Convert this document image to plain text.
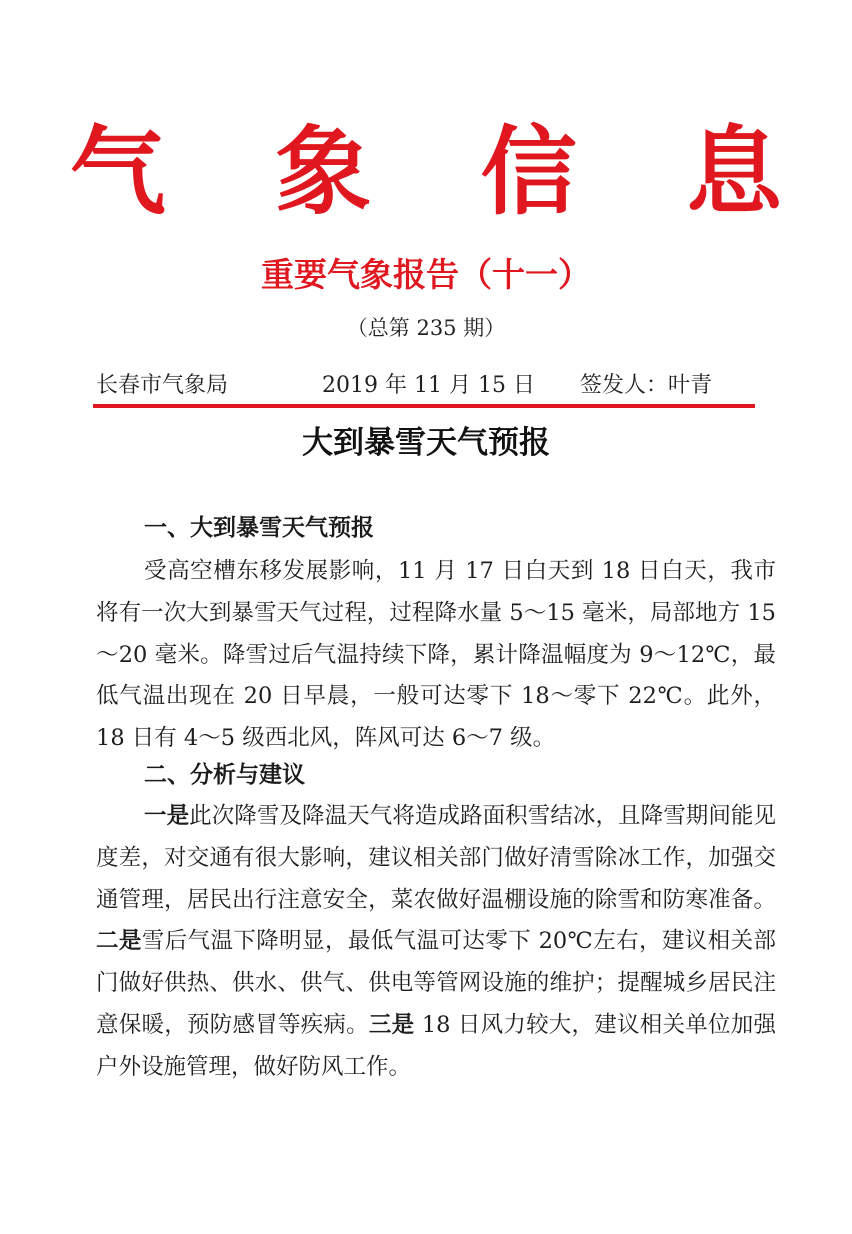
气 象 信 息
重要气象报告（十一）
（总第 235 期）
长春市气象局	2019 年 11 月 15 日 签发人：叶青
大到暴雪天气预报
一、大到暴雪天气预报

受高空槽东移发展影响，11 月 17 日白天到 18 日白天，我市将有一次大到暴雪天气过程，过程降水量 5～15 毫米，局部地方 15～20 毫米。降雪过后气温持续下降，累计降温幅度为 9～12℃，最低气温出现在 20 日早晨，一般可达零下 18～零下 22℃。此外，18 日有 4～5 级西北风，阵风可达 6～7 级。

二、分析与建议

一是此次降雪及降温天气将造成路面积雪结冰，且降雪期间能见度差，对交通有很大影响，建议相关部门做好清雪除冰工作，加强交通管理，居民出行注意安全，菜农做好温棚设施的除雪和防寒准备。二是雪后气温下降明显，最低气温可达零下 20℃左右，建议相关部门做好供热、供水、供气、供电等管网设施的维护；提醒城乡居民注意保暖，预防感冒等疾病。三是 18 日风力较大，建议相关单位加强户外设施管理，做好防风工作。
